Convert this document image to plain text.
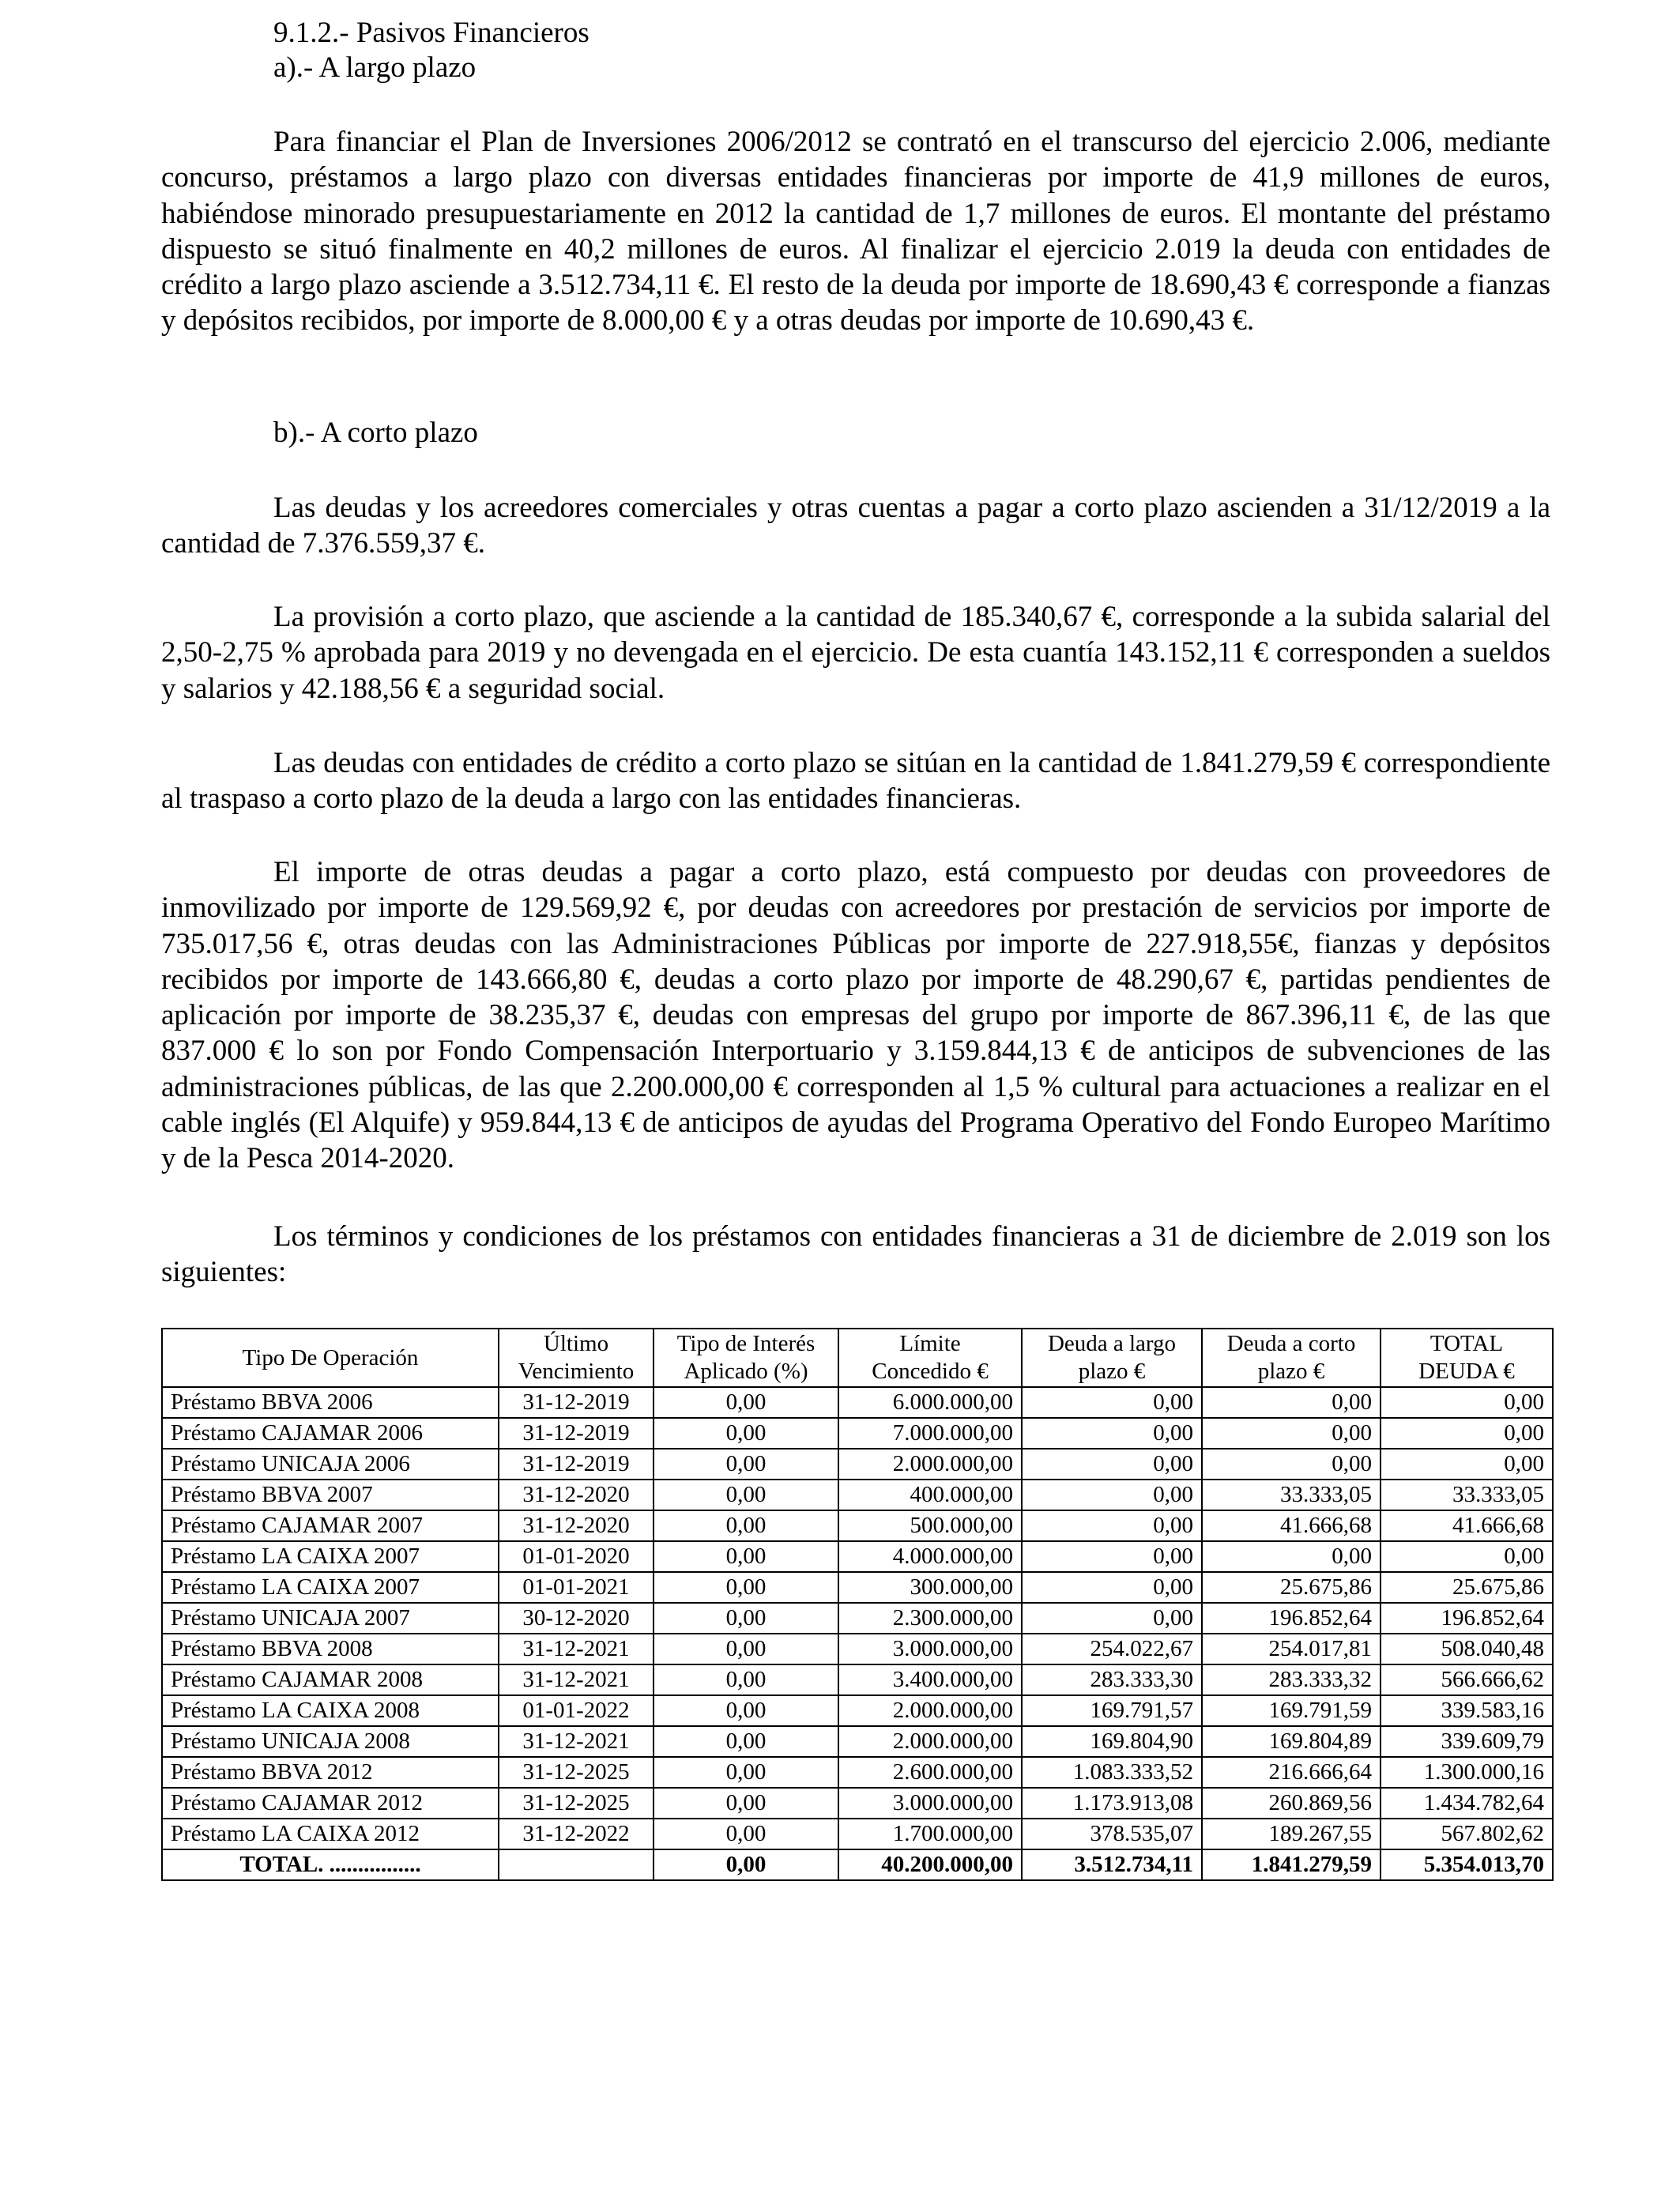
9.1.2.- Pasivos Financieros
a).- A largo plazo

Para financiar el Plan de Inversiones 2006/2012 se contrató en el transcurso del ejercicio 2.006, mediante concurso, préstamos a largo plazo con diversas entidades financieras por importe de 41,9 millones de euros, habiéndose minorado presupuestariamente en 2012 la cantidad de 1,7 millones de euros. El montante del préstamo dispuesto se situó finalmente en 40,2 millones de euros. Al finalizar el ejercicio 2.019 la deuda con entidades de crédito a largo plazo asciende a 3.512.734,11 €. El resto de la deuda por importe de 18.690,43 € corresponde a fianzas y depósitos recibidos, por importe de 8.000,00 € y a otras deudas por importe de 10.690,43 €.

b).- A corto plazo

Las deudas y los acreedores comerciales y otras cuentas a pagar a corto plazo ascienden a 31/12/2019 a la cantidad de 7.376.559,37 €.

La provisión a corto plazo, que asciende a la cantidad de 185.340,67 €, corresponde a la subida salarial del 2,50-2,75 % aprobada para 2019 y no devengada en el ejercicio. De esta cuantía 143.152,11 € corresponden a sueldos y salarios y 42.188,56 € a seguridad social.

Las deudas con entidades de crédito a corto plazo se sitúan en la cantidad de 1.841.279,59 € correspondiente al traspaso a corto plazo de la deuda a largo con las entidades financieras.

El importe de otras deudas a pagar a corto plazo, está compuesto por deudas con proveedores de inmovilizado por importe de 129.569,92 €, por deudas con acreedores por prestación de servicios por importe de 735.017,56 €, otras deudas con las Administraciones Públicas por importe de 227.918,55€, fianzas y depósitos recibidos por importe de 143.666,80 €, deudas a corto plazo por importe de 48.290,67 €, partidas pendientes de aplicación por importe de 38.235,37 €, deudas con empresas del grupo por importe de 867.396,11 €, de las que 837.000 € lo son por Fondo Compensación Interportuario y 3.159.844,13 € de anticipos de subvenciones de las administraciones públicas, de las que 2.200.000,00 € corresponden al 1,5 % cultural para actuaciones a realizar en el cable inglés (El Alquife) y 959.844,13 € de anticipos de ayudas del Programa Operativo del Fondo Europeo Marítimo y de la Pesca 2014-2020.

Los términos y condiciones de los préstamos con entidades financieras a 31 de diciembre de 2.019 son los siguientes:

Tipo De Operación	Último Vencimiento	Tipo de Interés Aplicado (%)	Límite Concedido €	Deuda a largo plazo €	Deuda a corto plazo €	TOTAL DEUDA €
Préstamo BBVA 2006	31-12-2019	0,00	6.000.000,00	0,00	0,00	0,00
Préstamo CAJAMAR 2006	31-12-2019	0,00	7.000.000,00	0,00	0,00	0,00
Préstamo UNICAJA 2006	31-12-2019	0,00	2.000.000,00	0,00	0,00	0,00
Préstamo BBVA 2007	31-12-2020	0,00	400.000,00	0,00	33.333,05	33.333,05
Préstamo CAJAMAR 2007	31-12-2020	0,00	500.000,00	0,00	41.666,68	41.666,68
Préstamo LA CAIXA 2007	01-01-2020	0,00	4.000.000,00	0,00	0,00	0,00
Préstamo LA CAIXA 2007	01-01-2021	0,00	300.000,00	0,00	25.675,86	25.675,86
Préstamo UNICAJA 2007	30-12-2020	0,00	2.300.000,00	0,00	196.852,64	196.852,64
Préstamo BBVA 2008	31-12-2021	0,00	3.000.000,00	254.022,67	254.017,81	508.040,48
Préstamo CAJAMAR 2008	31-12-2021	0,00	3.400.000,00	283.333,30	283.333,32	566.666,62
Préstamo LA CAIXA 2008	01-01-2022	0,00	2.000.000,00	169.791,57	169.791,59	339.583,16
Préstamo UNICAJA 2008	31-12-2021	0,00	2.000.000,00	169.804,90	169.804,89	339.609,79
Préstamo BBVA 2012	31-12-2025	0,00	2.600.000,00	1.083.333,52	216.666,64	1.300.000,16
Préstamo CAJAMAR 2012	31-12-2025	0,00	3.000.000,00	1.173.913,08	260.869,56	1.434.782,64
Préstamo LA CAIXA 2012	31-12-2022	0,00	1.700.000,00	378.535,07	189.267,55	567.802,62
TOTAL. ................		0,00	40.200.000,00	3.512.734,11	1.841.279,59	5.354.013,70
